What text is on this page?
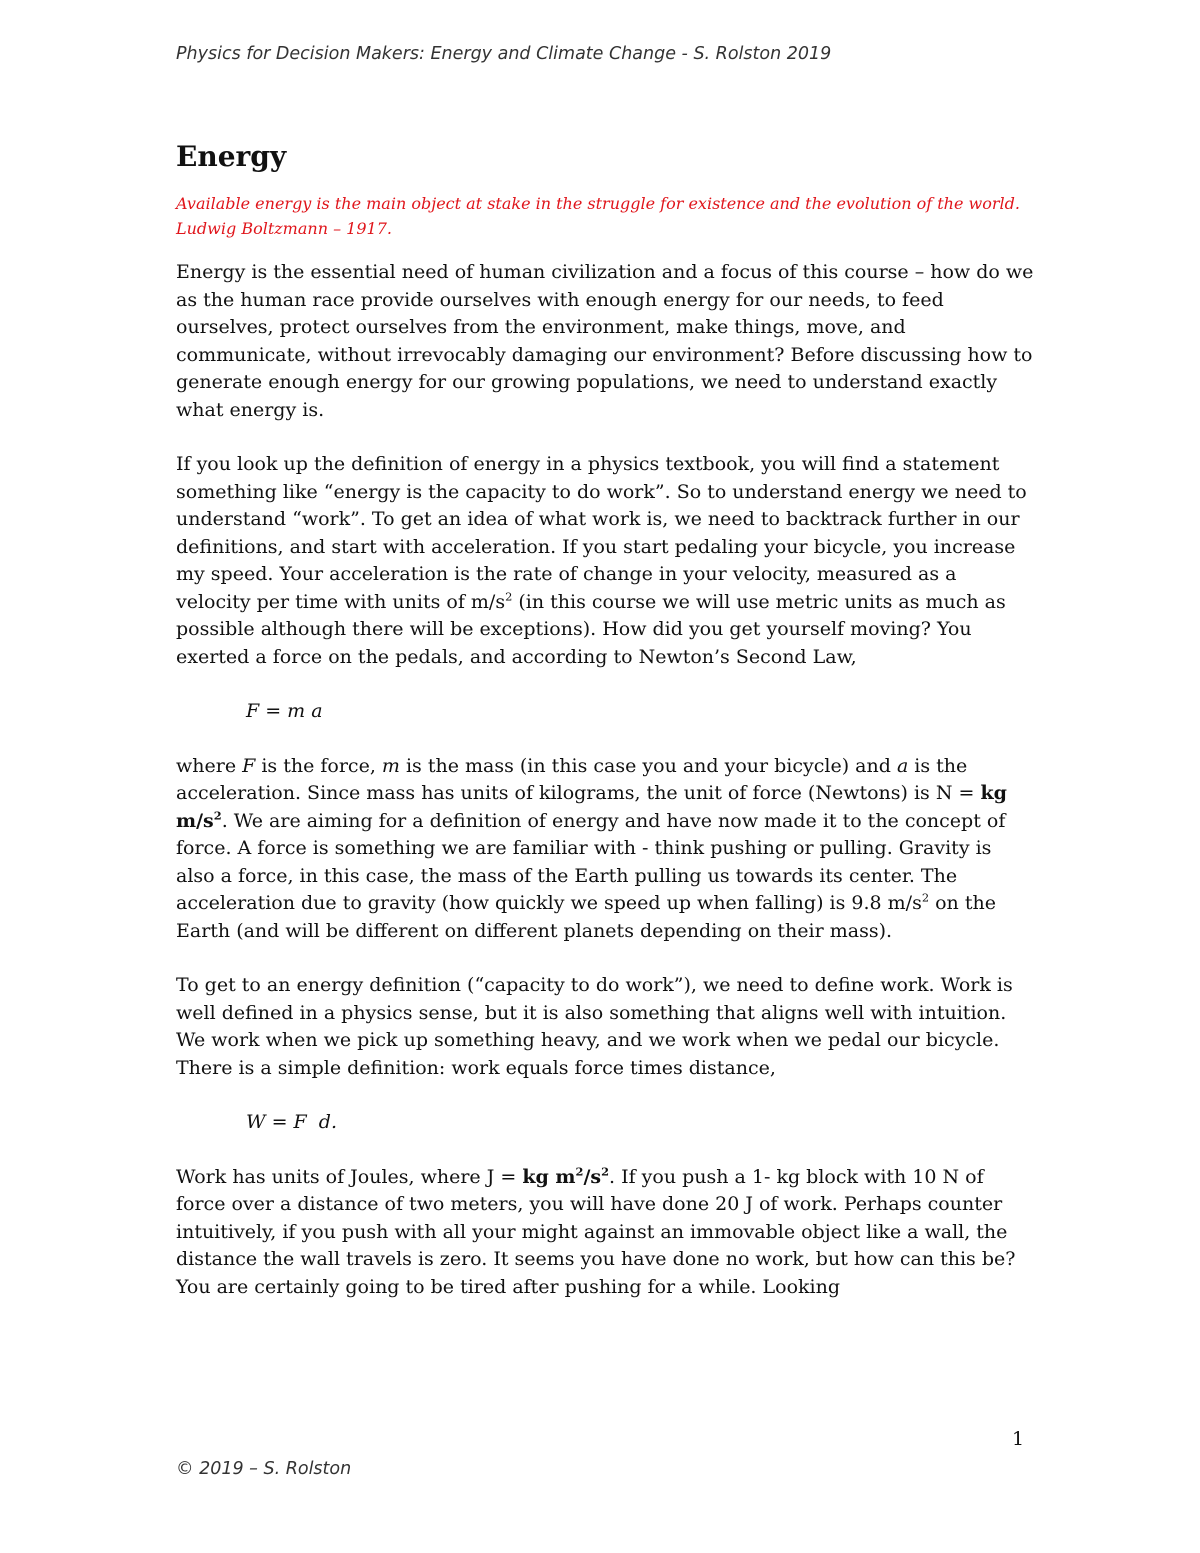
Physics for Decision Makers: Energy and Climate Change - S. Rolston 2019
Energy
Available energy is the main object at stake in the struggle for existence and the evolution of the world. Ludwig Boltzmann – 1917.
Energy is the essential need of human civilization and a focus of this course – how do we as the human race provide ourselves with enough energy for our needs, to feed ourselves, protect ourselves from the environment, make things, move, and communicate, without irrevocably damaging our environment? Before discussing how to generate enough energy for our growing populations, we need to understand exactly what energy is.
If you look up the definition of energy in a physics textbook, you will find a statement something like “energy is the capacity to do work”. So to understand energy we need to understand “work”. To get an idea of what work is, we need to backtrack further in our definitions, and start with acceleration. If you start pedaling your bicycle, you increase my speed. Your acceleration is the rate of change in your velocity, measured as a velocity per time with units of $m/s^2$ (in this course we will use metric units as much as possible although there will be exceptions). How did you get yourself moving? You exerted a force on the pedals, and according to Newton’s Second Law,
F = m a
where F is the force, m is the mass (in this case you and your bicycle) and a is the acceleration. Since mass has units of kilograms, the unit of force (Newtons) is N = kg $m/s^2$. We are aiming for a definition of energy and have now made it to the concept of force. A force is something we are familiar with - think pushing or pulling. Gravity is also a force, in this case, the mass of the Earth pulling us towards its center. The acceleration due to gravity (how quickly we speed up when falling) is 9.8 $m/s^2$ on the Earth (and will be different on different planets depending on their mass).
To get to an energy definition (“capacity to do work”), we need to define work. Work is well defined in a physics sense, but it is also something that aligns well with intuition. We work when we pick up something heavy, and we work when we pedal our bicycle. There is a simple definition: work equals force times distance,
W = F  d.
Work has units of Joules, where J = kg $m^2/s^2$. If you push a 1- kg block with 10 N of force over a distance of two meters, you will have done 20 J of work. Perhaps counter intuitively, if you push with all your might against an immovable object like a wall, the distance the wall travels is zero. It seems you have done no work, but how can this be? You are certainly going to be tired after pushing for a while. Looking
1
© 2019 – S. Rolston
